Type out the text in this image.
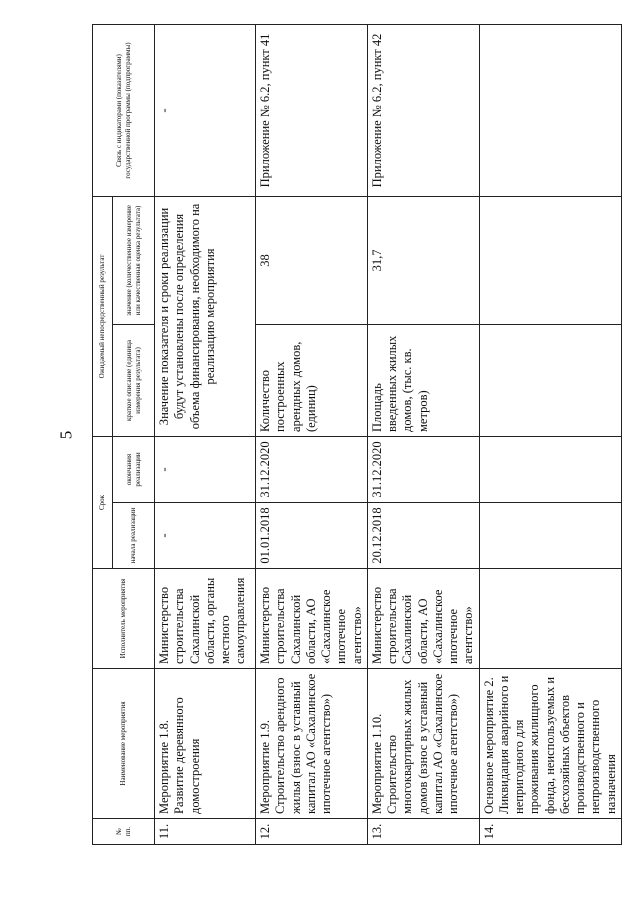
5
№ пп.	Наименование мероприятия	Исполнитель мероприятия	Срок		Ожидаемый непосредственный результат		Связь с индикаторами (показателями) государственной программы (подпрограммы)
			начала реализации	окончания реализации	краткое описание (единица измерения результата)	значение (количественное измерение или качественная оценка результата)	
11.	Мероприятие 1.8. Развитие деревянного домостроения	Министерство строительства Сахалинской области, органы местного самоуправления	-	-	Значение показателя и сроки реализации будут установлены после определения объема финансирования, необходимого на реализацию мероприятия		-
12.	Мероприятие 1.9. Строительство арендного жилья (взнос в уставный капитал АО «Сахалинское ипотечное агентство»)	Министерство строительства Сахалинской области, АО «Сахалинское ипотечное агентство»	01.01.2018	31.12.2020	Количество построенных арендных домов, (единиц)	38	Приложение № 6.2, пункт 41
13.	Мероприятие 1.10. Строительство многоквартирных жилых домов (взнос в уставный капитал АО «Сахалинское ипотечное агентство»)	Министерство строительства Сахалинской области, АО «Сахалинское ипотечное агентство»	20.12.2018	31.12.2020	Площадь введенных жилых домов, (тыс. кв. метров)	31,7	Приложение № 6.2, пункт 42
14.	Основное мероприятие 2. Ликвидация аварийного и непригодного для проживания жилищного фонда, неиспользуемых и бесхозяйных объектов производственного и непроизводственного назначения						
